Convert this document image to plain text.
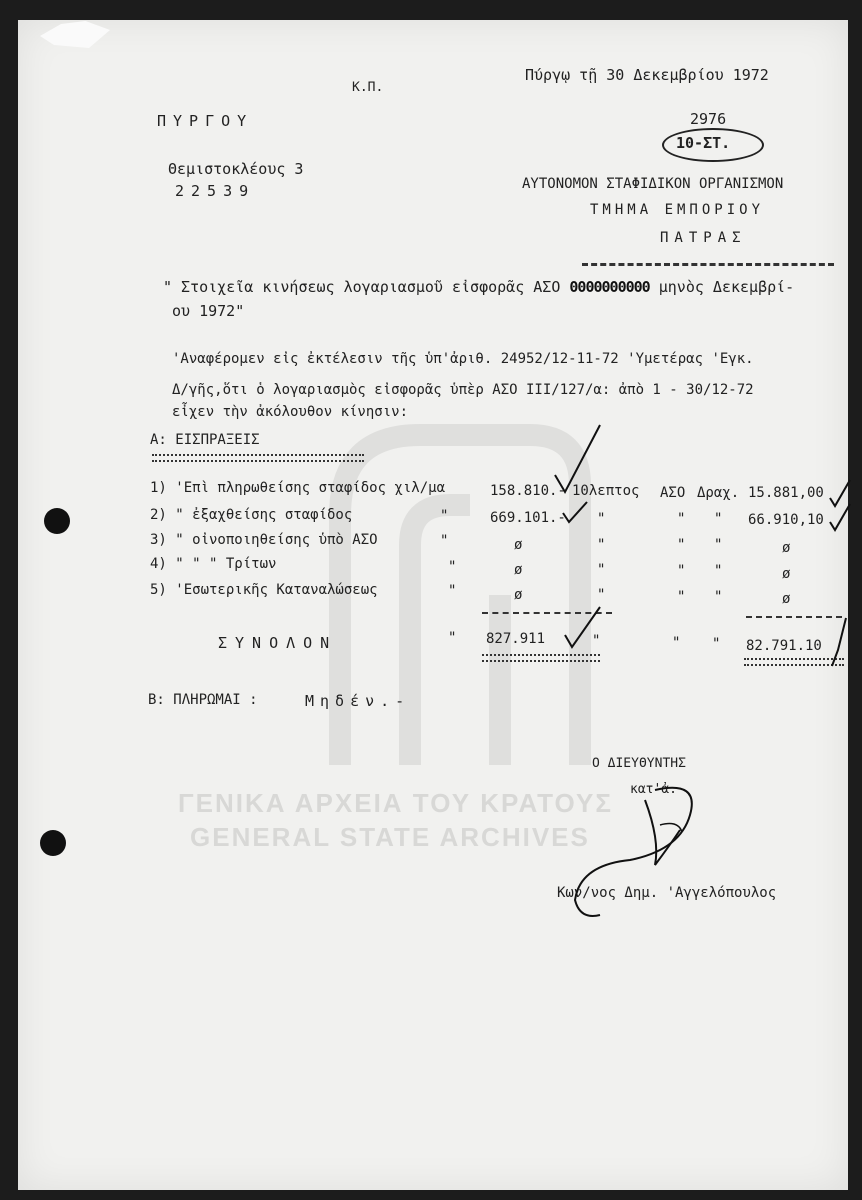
Πύργῳ τῇ 30 Δεκεμβρίου 1972
Κ.Π.
2976
10-ΣΤ.
ΠΥΡΓΟΥ
Θεμιστοκλέους 3
22539	ΑΥΤΟΝΟΜΟΝ ΣΤΑΦΙΔΙΚΟΝ ΟΡΓΑΝΙΣΜΟΝ
ΤΜΗΜΑ ΕΜΠΟΡΙΟΥ
ΠΑΤΡΑΣ
" Στοιχεῖα κινήσεως λογαριασμοῦ εἰσφορᾶς ΑΣΟ 0000000000 μηνὸς Δεκεμβρί-
ου 1972"
'Αναφέρομεν εἰς ἐκτέλεσιν τῆς ὑπ'ἀριθ. 24952/12-11-72 'Υμετέρας 'Εγκ.
Δ/γῆς,ὅτι ὁ λογαριασμὸς εἰσφορᾶς ὑπὲρ ΑΣΟ ΙΙΙ/127/α: ἀπὸ 1 - 30/12-72
εἶχεν τὴν ἀκόλουθον κίνησιν:
Α: ΕΙΣΠΡΑΞΕΙΣ
1) 'Επὶ πληρωθείσης σταφίδος χιλ/μα	158.810.- 10λεπτος ΑΣΟ Δραχ. 15.881,00
2) " ἐξαχθείσης σταφίδος	"	669.101.- "	" " 66.910,10
3) " οἰνοποιηθείσης ὑπὸ ΑΣΟ	"	ø	"	" "	ø
4) " " " Τρίτων	"	ø	"	" "	ø
5) 'Εσωτερικῆς Καταναλώσεως	"	ø	"	" "	ø
ΣΥΝΟΛΟΝ	" 827.911	"	" " 82.791.10
Β: ΠΛΗΡΩΜΑΙ :	Μηδέν.-
Ο ΔΙΕΥΘΥΝΤΗΣ
κατ'ἀ.
Κων/νος Δημ. 'Αγγελόπουλος
ΓΕΝΙΚΑ ΑΡΧΕΙΑ ΤΟΥ ΚΡΑΤΟΥΣ
GENERAL STATE ARCHIVES
